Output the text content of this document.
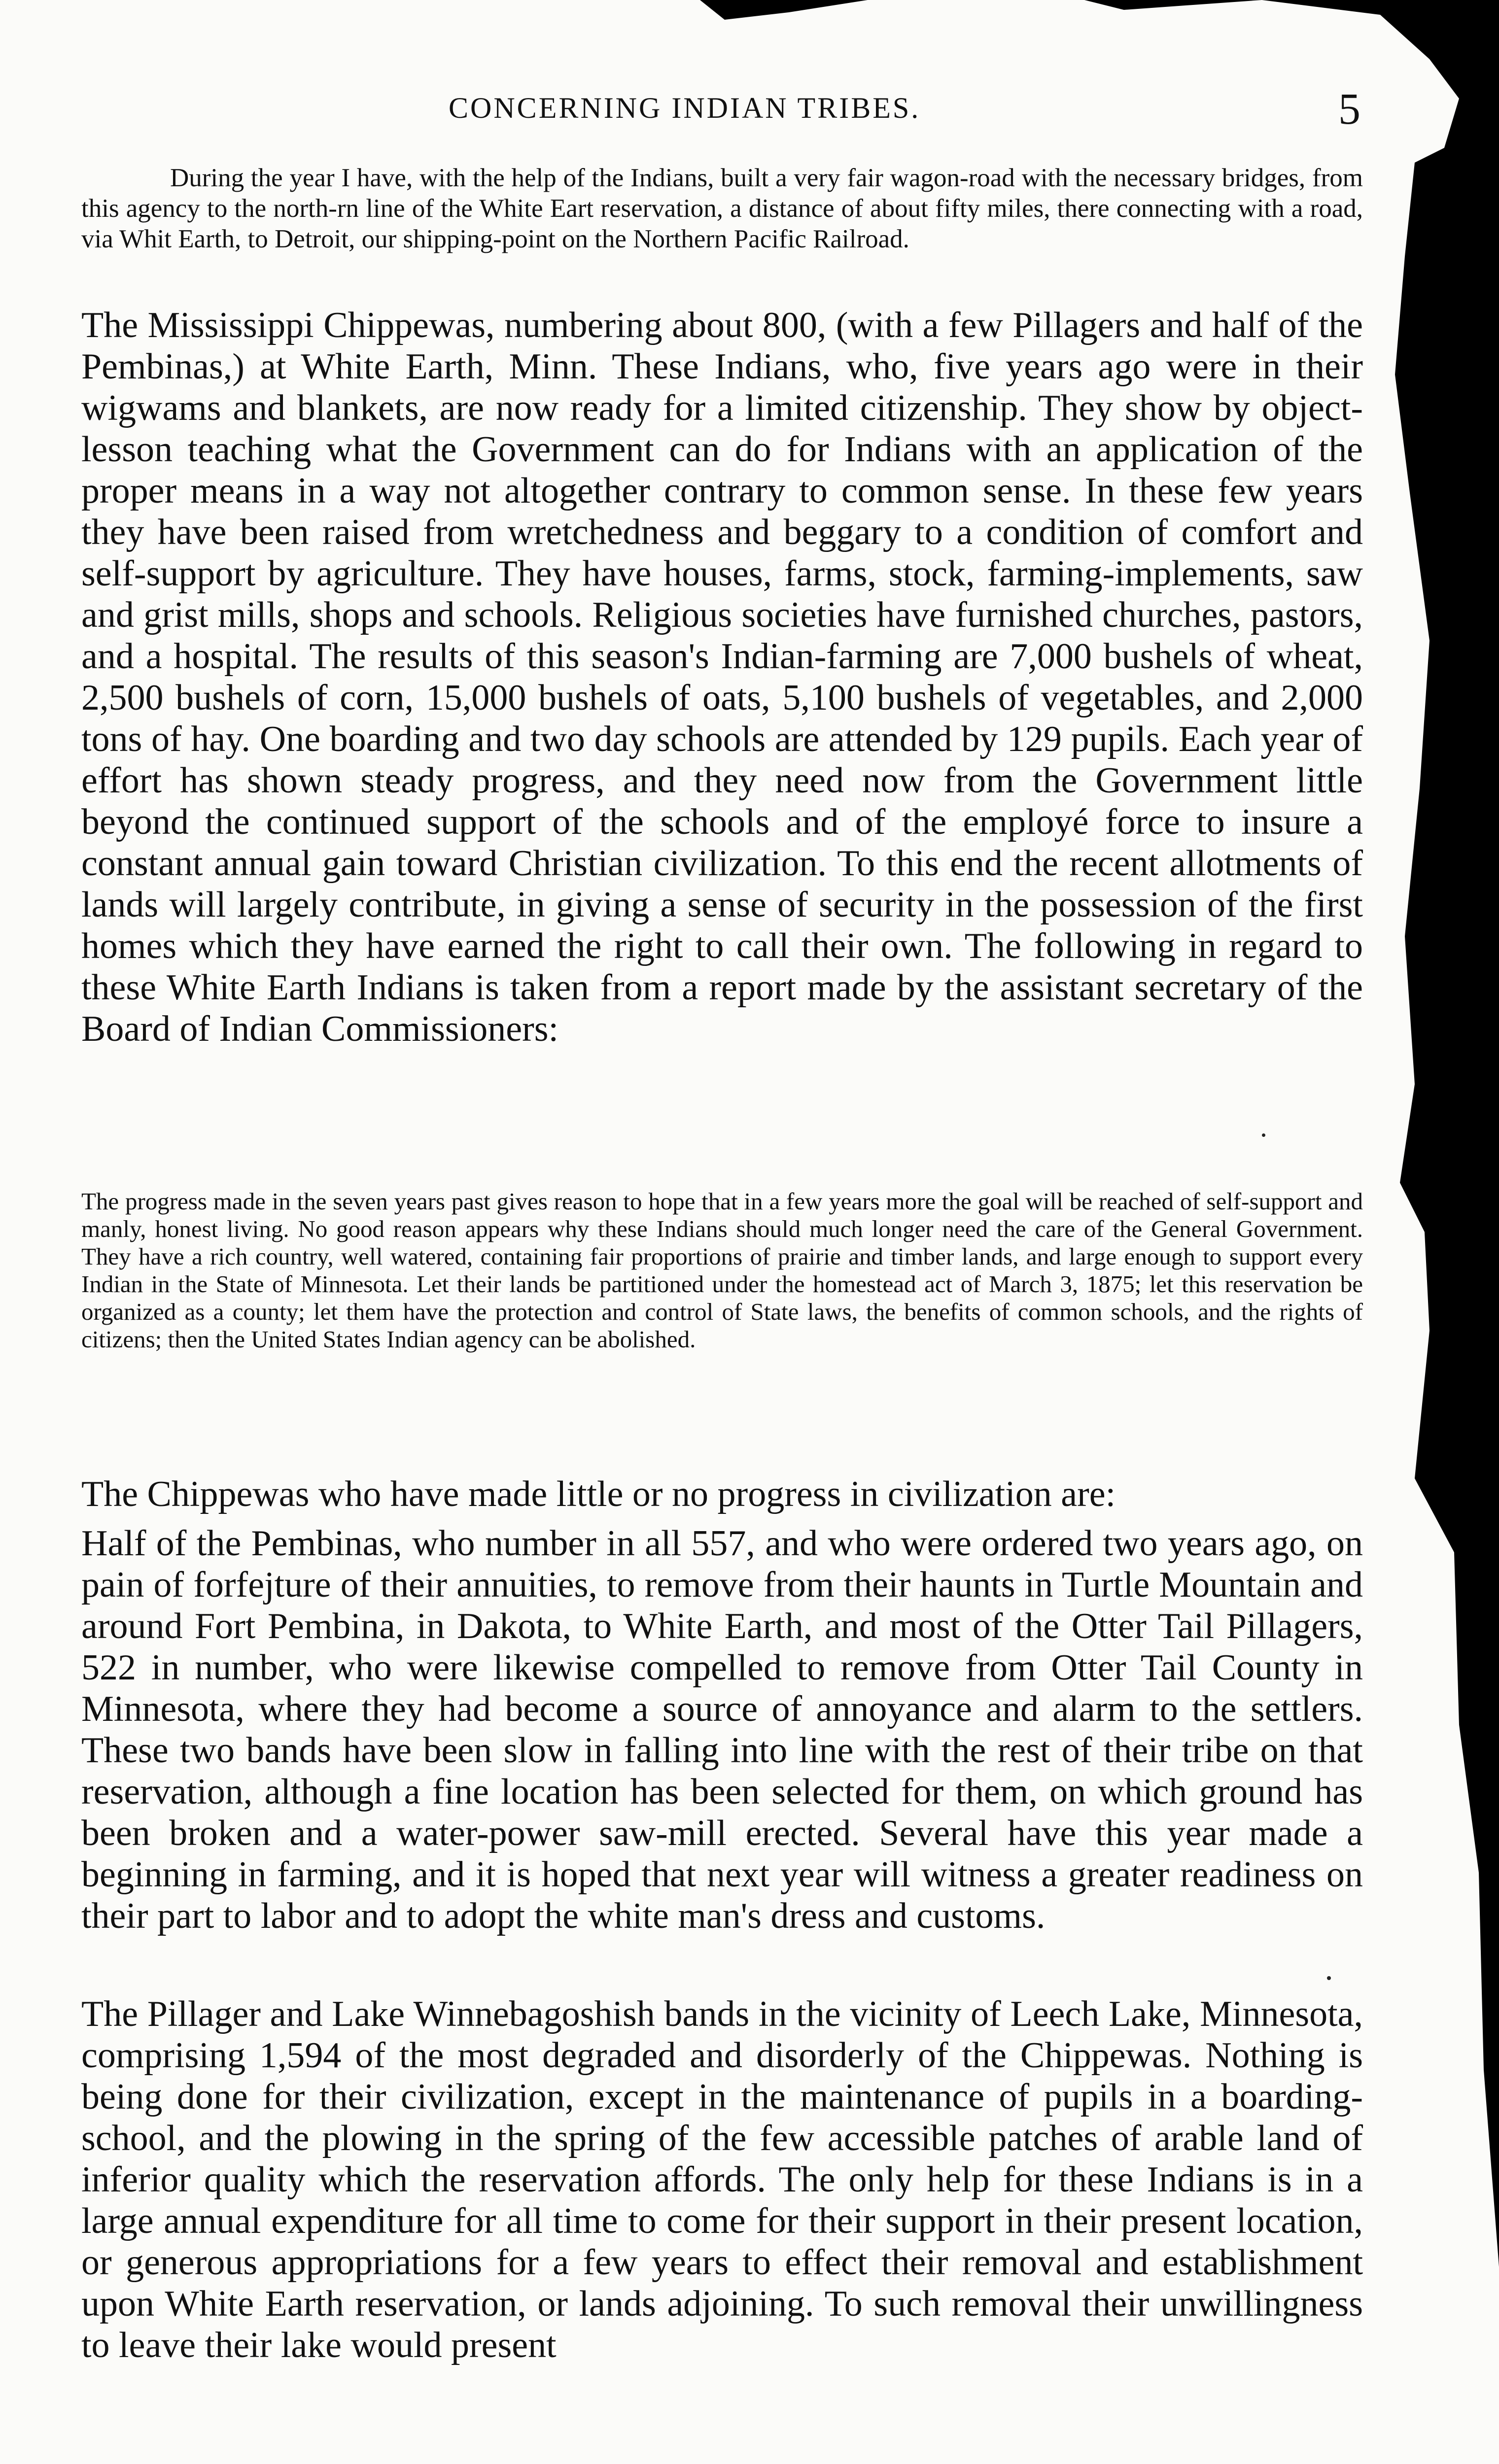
CONCERNING INDIAN TRIBES.	5
During the year I have, with the help of the Indians, built a very fair wagon-road with the necessary bridges, from this agency to the north-rn line of the White Eart reservation, a distance of about fifty miles, there connecting with a road, via Whit Earth, to Detroit, our shipping-point on the Northern Pacific Railroad.
The Mississippi Chippewas, numbering about 800, (with a few Pillagers and half of the Pembinas,) at White Earth, Minn. These Indians, who, five years ago were in their wigwams and blankets, are now ready for a limited citizenship. They show by object-lesson teaching what the Government can do for Indians with an application of the proper means in a way not altogether contrary to common sense. In these few years they have been raised from wretchedness and beggary to a condition of comfort and self-support by agriculture. They have houses, farms, stock, farming-implements, saw and grist mills, shops and schools. Religious societies have furnished churches, pastors, and a hospital. The results of this season's Indian-farming are 7,000 bushels of wheat, 2,500 bushels of corn, 15,000 bushels of oats, 5,100 bushels of vegetables, and 2,000 tons of hay. One boarding and two day schools are attended by 129 pupils. Each year of effort has shown steady progress, and they need now from the Government little beyond the continued support of the schools and of the employé force to insure a constant annual gain toward Christian civilization. To this end the recent allotments of lands will largely contribute, in giving a sense of security in the possession of the first homes which they have earned the right to call their own. The following in regard to these White Earth Indians is taken from a report made by the assistant secretary of the Board of Indian Commissioners:
The progress made in the seven years past gives reason to hope that in a few years more the goal will be reached of self-support and manly, honest living. No good reason appears why these Indians should much longer need the care of the General Government. They have a rich country, well watered, containing fair proportions of prairie and timber lands, and large enough to support every Indian in the State of Minnesota. Let their lands be partitioned under the homestead act of March 3, 1875; let this reservation be organized as a county; let them have the protection and control of State laws, the benefits of common schools, and the rights of citizens; then the United States Indian agency can be abolished.
The Chippewas who have made little or no progress in civilization are:
Half of the Pembinas, who number in all 557, and who were ordered two years ago, on pain of forfejture of their annuities, to remove from their haunts in Turtle Mountain and around Fort Pembina, in Dakota, to White Earth, and most of the Otter Tail Pillagers, 522 in number, who were likewise compelled to remove from Otter Tail County in Minnesota, where they had become a source of annoyance and alarm to the settlers. These two bands have been slow in falling into line with the rest of their tribe on that reservation, although a fine location has been selected for them, on which ground has been broken and a water-power saw-mill erected. Several have this year made a beginning in farming, and it is hoped that next year will witness a greater readiness on their part to labor and to adopt the white man's dress and customs.
The Pillager and Lake Winnebagoshish bands in the vicinity of Leech Lake, Minnesota, comprising 1,594 of the most degraded and disorderly of the Chippewas. Nothing is being done for their civilization, except in the maintenance of pupils in a boarding-school, and the plowing in the spring of the few accessible patches of arable land of inferior quality which the reservation affords. The only help for these Indians is in a large annual expenditure for all time to come for their support in their present location, or generous appropriations for a few years to effect their removal and establishment upon White Earth reservation, or lands adjoining. To such removal their unwillingness to leave their lake would present
